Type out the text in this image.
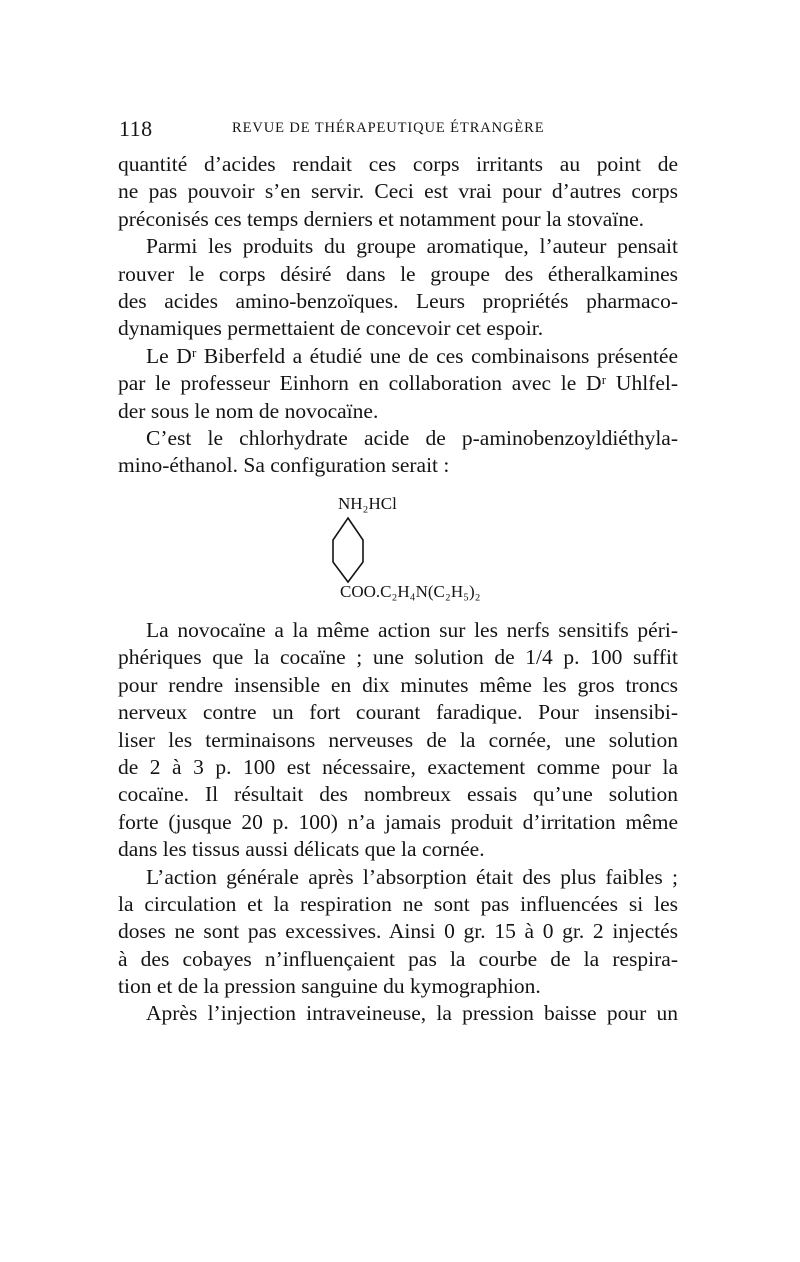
118	REVUE DE THÉRAPEUTIQUE ÉTRANGÈRE
quantité d’acides rendait ces corps irritants au point de
ne pas pouvoir s’en servir. Ceci est vrai pour d’autres corps
préconisés ces temps derniers et notamment pour la stovaïne.
Parmi les produits du groupe aromatique, l’auteur pensait
rouver le corps désiré dans le groupe des étheralkamines
des acides amino-benzoïques. Leurs propriétés pharmaco-
dynamiques permettaient de concevoir cet espoir.
Le Dʳ Biberfeld a étudié une de ces combinaisons présentée
par le professeur Einhorn en collaboration avec le Dʳ Uhlfel-
der sous le nom de novocaïne.
C’est le chlorhydrate acide de p-aminobenzoyldiéthyla-
mino-éthanol. Sa configuration serait :
NH₂HCl
COO.C₂H₄N(C₂H₅)₂
La novocaïne a la même action sur les nerfs sensitifs péri-
phériques que la cocaïne ; une solution de 1/4 p. 100 suffit
pour rendre insensible en dix minutes même les gros troncs
nerveux contre un fort courant faradique. Pour insensibi-
liser les terminaisons nerveuses de la cornée, une solution
de 2 à 3 p. 100 est nécessaire, exactement comme pour la
cocaïne. Il résultait des nombreux essais qu’une solution
forte (jusque 20 p. 100) n’a jamais produit d’irritation même
dans les tissus aussi délicats que la cornée.
L’action générale après l’absorption était des plus faibles ;
la circulation et la respiration ne sont pas influencées si les
doses ne sont pas excessives. Ainsi 0 gr. 15 à 0 gr. 2 injectés
à des cobayes n’influençaient pas la courbe de la respira-
tion et de la pression sanguine du kymographion.
Après l’injection intraveineuse, la pression baisse pour un
